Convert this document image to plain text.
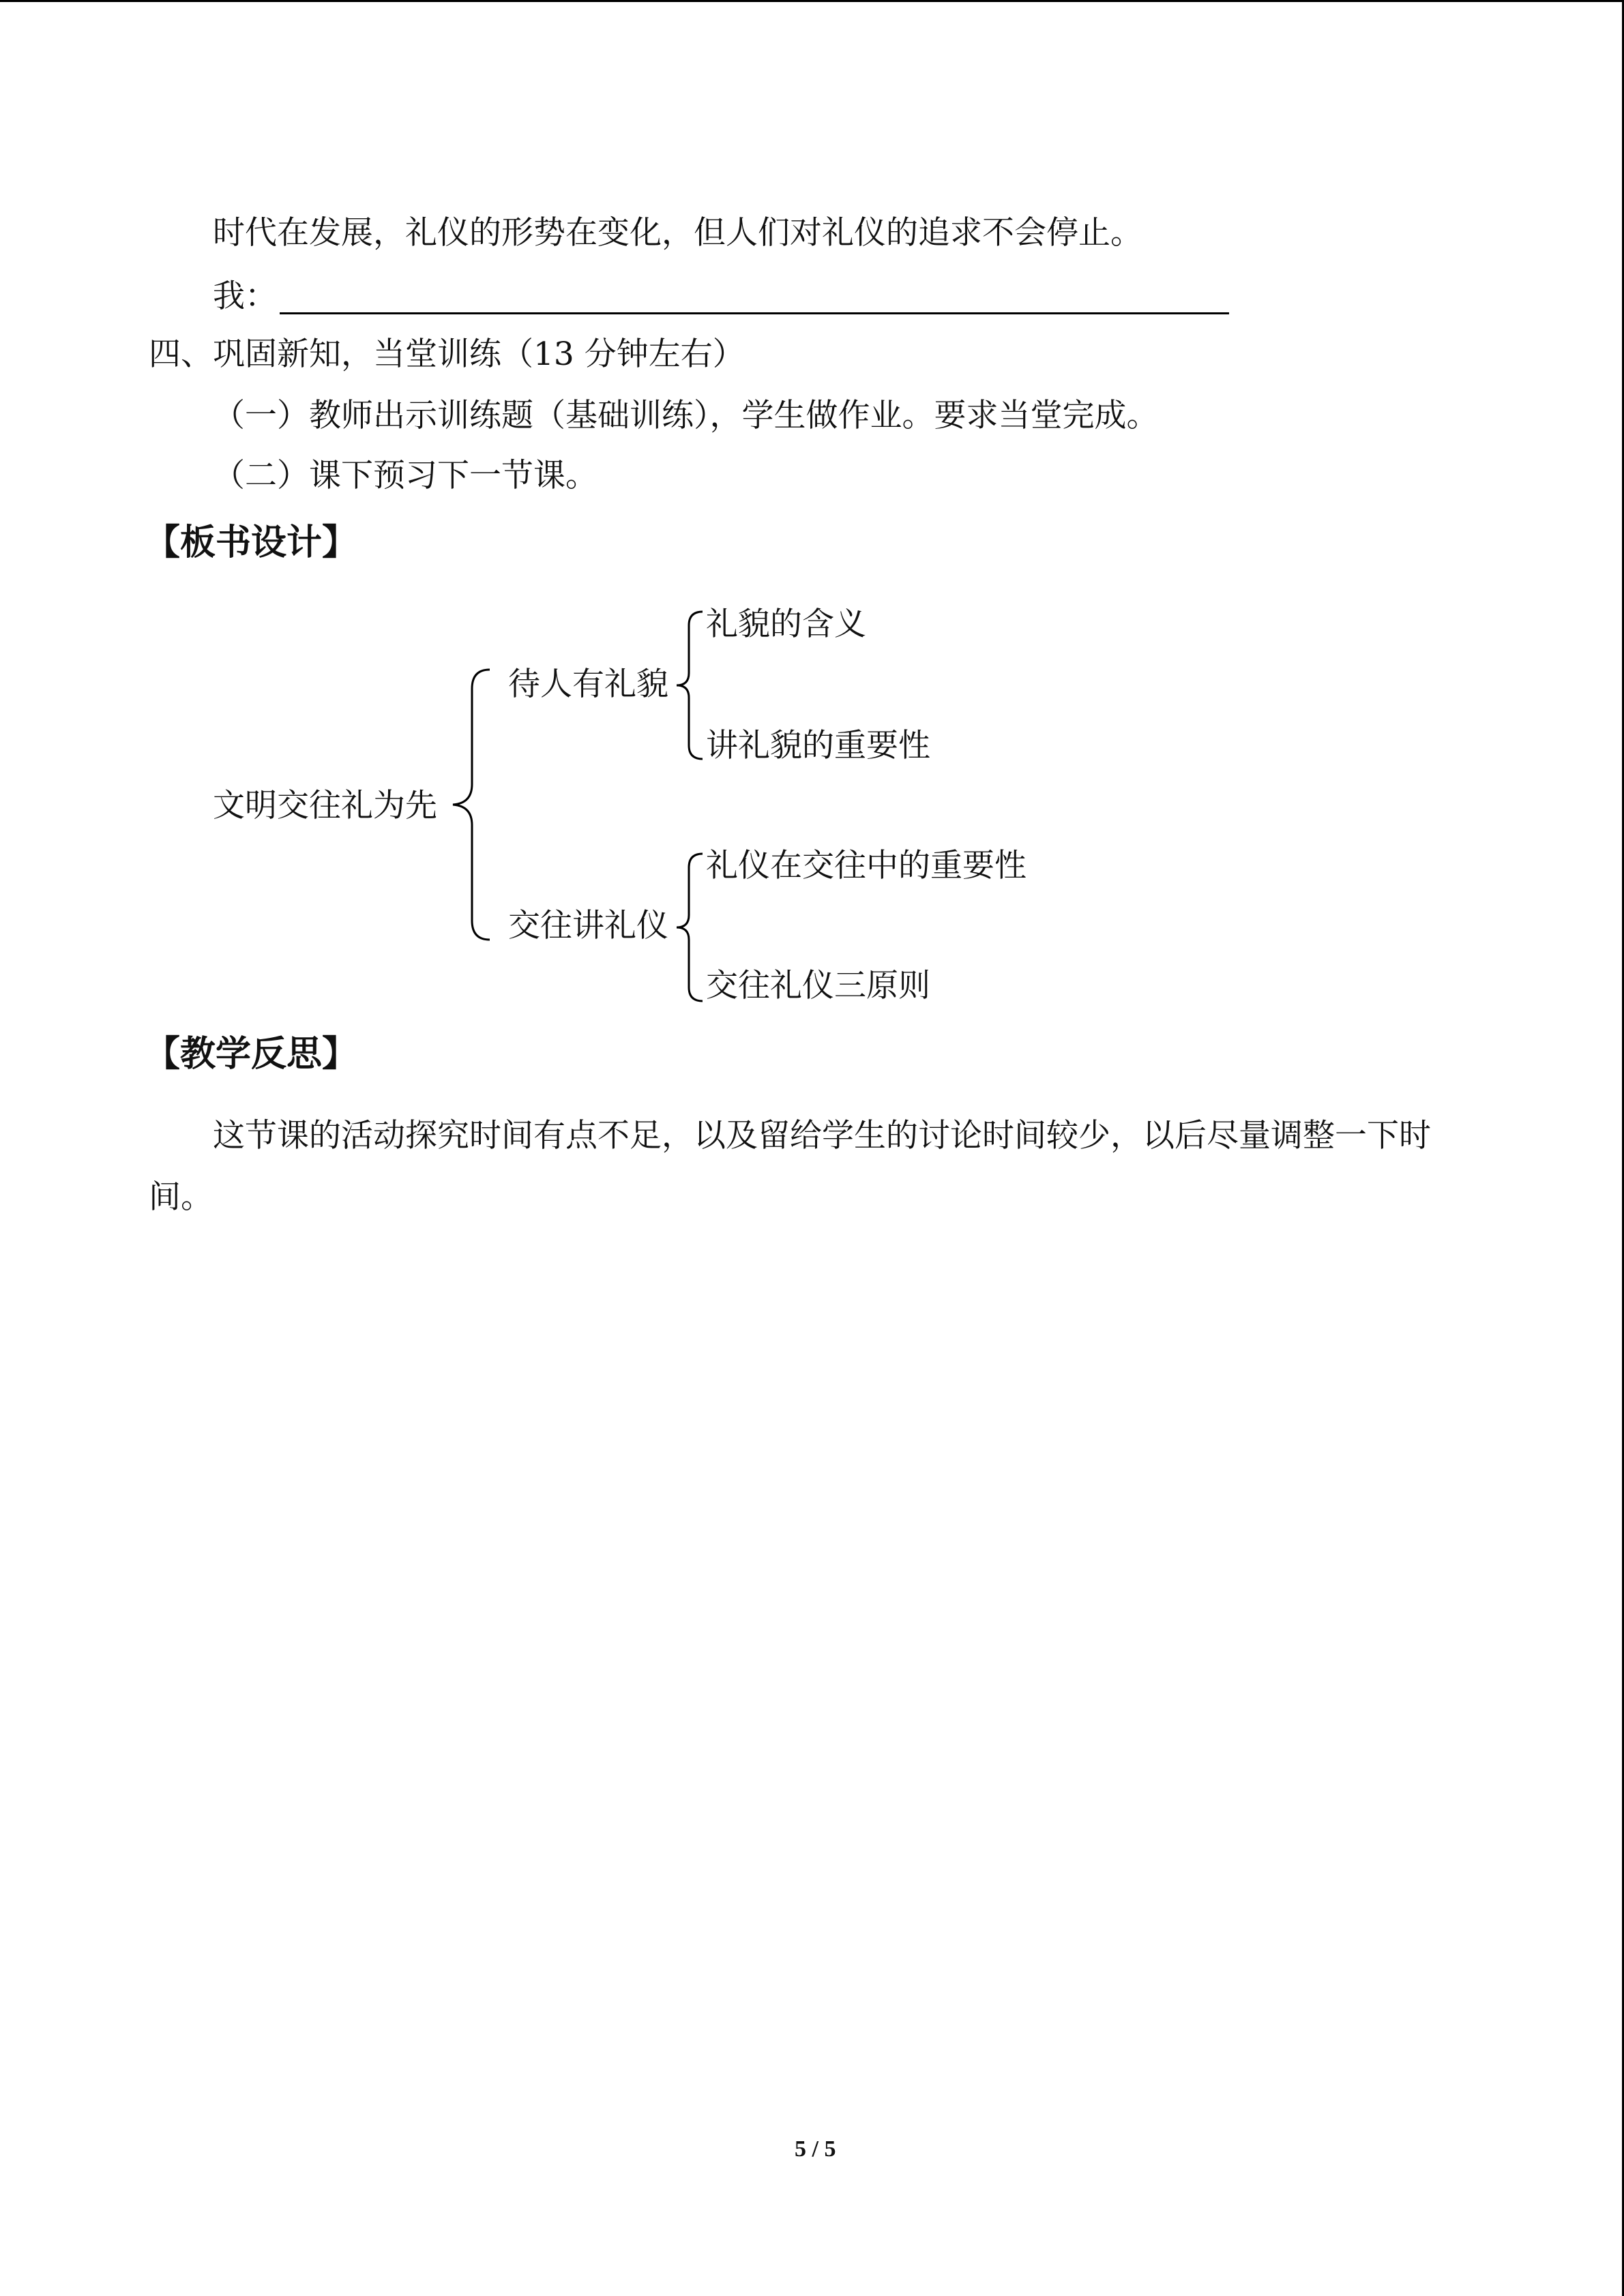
时代在发展，礼仪的形势在变化，但人们对礼仪的追求不会停止。
我：
四、巩固新知，当堂训练（13 分钟左右）
（一）教师出示训练题（基础训练），学生做作业。要求当堂完成。
（二）课下预习下一节课。
【板书设计】
文明交往礼为先
待人有礼貌
交往讲礼仪
礼貌的含义
讲礼貌的重要性
礼仪在交往中的重要性
交往礼仪三原则
【教学反思】
这节课的活动探究时间有点不足，以及留给学生的讨论时间较少，以后尽量调整一下时
间。
5 / 5
